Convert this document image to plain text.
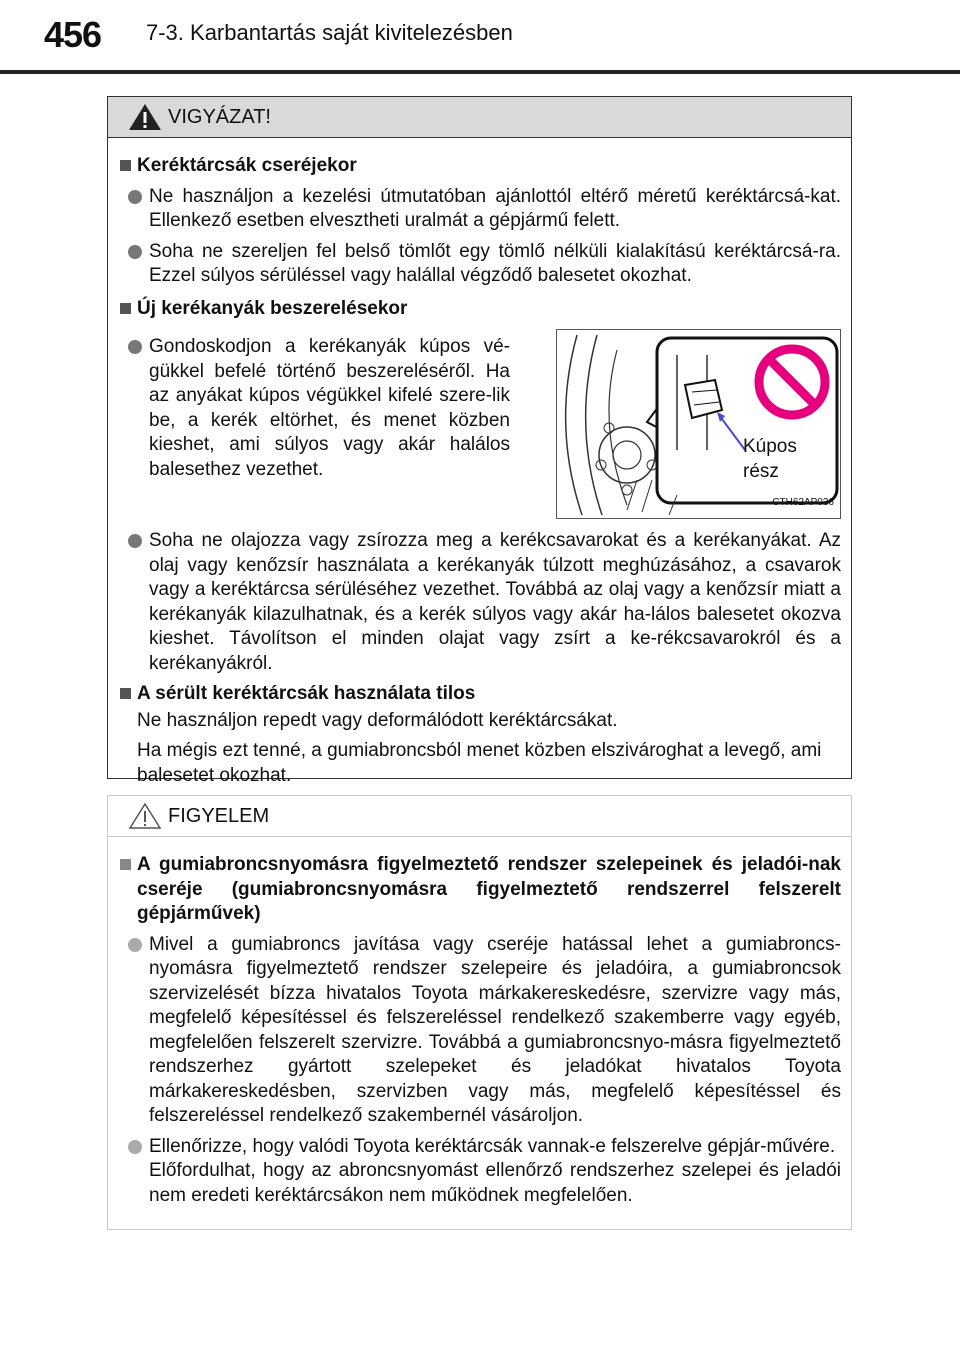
456 7-3. Karbantartás saját kivitelezésben
VIGYÁZAT!
Keréktárcsák cseréjekor
Ne használjon a kezelési útmutatóban ajánlottól eltérő méretű keréktárcsá-kat. Ellenkező esetben elvesztheti uralmát a gépjármű felett.
Soha ne szereljen fel belső tömlőt egy tömlő nélküli kialakítású keréktárcsá-ra. Ezzel súlyos sérüléssel vagy halállal végződő balesetet okozhat.
Új kerékanyák beszerelésekor
Gondoskodjon a kerékanyák kúpos vé-gükkel befelé történő beszereléséről. Ha az anyákat kúpos végükkel kifelé szere-lik be, a kerék eltörhet, és menet közben kieshet, ami súlyos vagy akár halálos balesethez vezethet.
Kúpos
rész
CTH62AP036
Soha ne olajozza vagy zsírozza meg a kerékcsavarokat és a kerékanyákat. Az olaj vagy kenőzsír használata a kerékanyák túlzott meghúzásához, a csavarok vagy a keréktárcsa sérüléséhez vezethet. Továbbá az olaj vagy a kenőzsír miatt a kerékanyák kilazulhatnak, és a kerék súlyos vagy akár ha-lálos balesetet okozva kieshet. Távolítson el minden olajat vagy zsírt a ke-rékcsavarokról és a kerékanyákról.
A sérült keréktárcsák használata tilos
Ne használjon repedt vagy deformálódott keréktárcsákat.
Ha mégis ezt tenné, a gumiabroncsból menet közben elszivároghat a levegő, ami balesetet okozhat.
FIGYELEM
A gumiabroncsnyomásra figyelmeztető rendszer szelepeinek és jeladói-nak cseréje (gumiabroncsnyomásra figyelmeztető rendszerrel felszerelt gépjárművek)
Mivel a gumiabroncs javítása vagy cseréje hatással lehet a gumiabroncs-nyomásra figyelmeztető rendszer szelepeire és jeladóira, a gumiabroncsok szervizelését bízza hivatalos Toyota márkakereskedésre, szervizre vagy más, megfelelő képesítéssel és felszereléssel rendelkező szakemberre vagy egyéb, megfelelően felszerelt szervizre. Továbbá a gumiabroncsnyo-másra figyelmeztető rendszerhez gyártott szelepeket és jeladókat hivatalos Toyota márkakereskedésben, szervizben vagy más, megfelelő képesítéssel és felszereléssel rendelkező szakembernél vásároljon.
Ellenőrizze, hogy valódi Toyota keréktárcsák vannak-e felszerelve gépjár-művére.
Előfordulhat, hogy az abroncsnyomást ellenőrző rendszerhez szelepei és jeladói nem eredeti keréktárcsákon nem működnek megfelelően.
